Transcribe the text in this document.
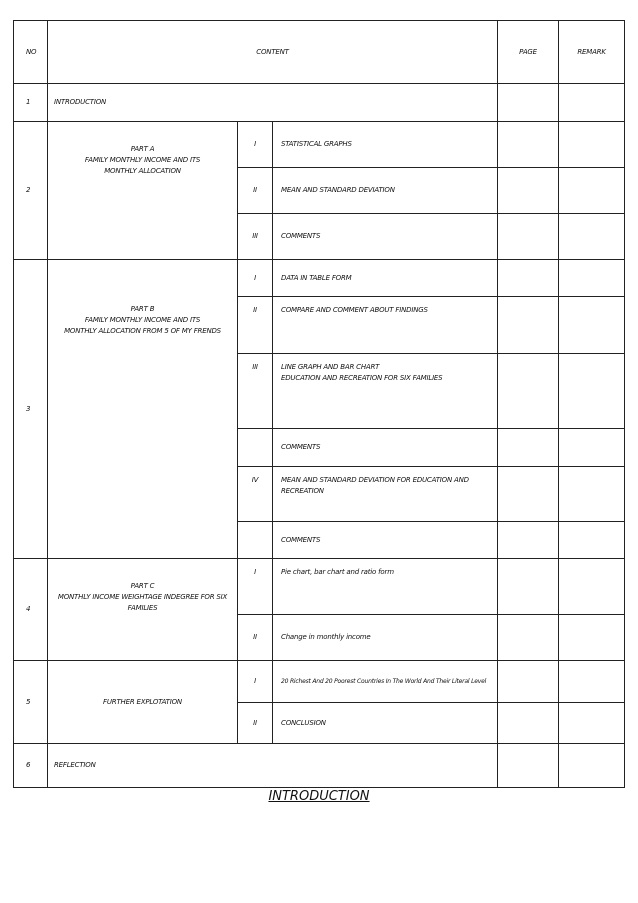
NO	CONTENT			PAGE	REMARK
1	INTRODUCTION				
2	PART A
FAMILY MONTHLY INCOME AND ITS
MONTHLY ALLOCATION	I	STATISTICAL GRAPHS		
		II	MEAN AND STANDARD DEVIATION		
		III	COMMENTS		
3	PART B
FAMILY MONTHLY INCOME AND ITS
MONTHLY ALLOCATION FROM 5 OF MY FRENDS	I	DATA IN TABLE FORM		
		II	COMPARE AND COMMENT ABOUT FINDINGS		
		III	LINE GRAPH AND BAR CHART
EDUCATION AND RECREATION FOR SIX FAMILIES		

			COMMENTS		
		IV	MEAN AND STANDARD DEVIATION FOR EDUCATION AND
RECREATION		

			COMMENTS		
4	PART C
MONTHLY INCOME WEIGHTAGE INDEGREE FOR SIX
FAMILIES	I	Pie chart, bar chart and ratio form		
		II	Change in monthly income		
5	FURTHER EXPLOTATION	I	20 Richest And 20 Poorest Countries In The World And Their Literal Level		
		II	CONCLUSION		
6	REFLECTION				
INTRODUCTION
